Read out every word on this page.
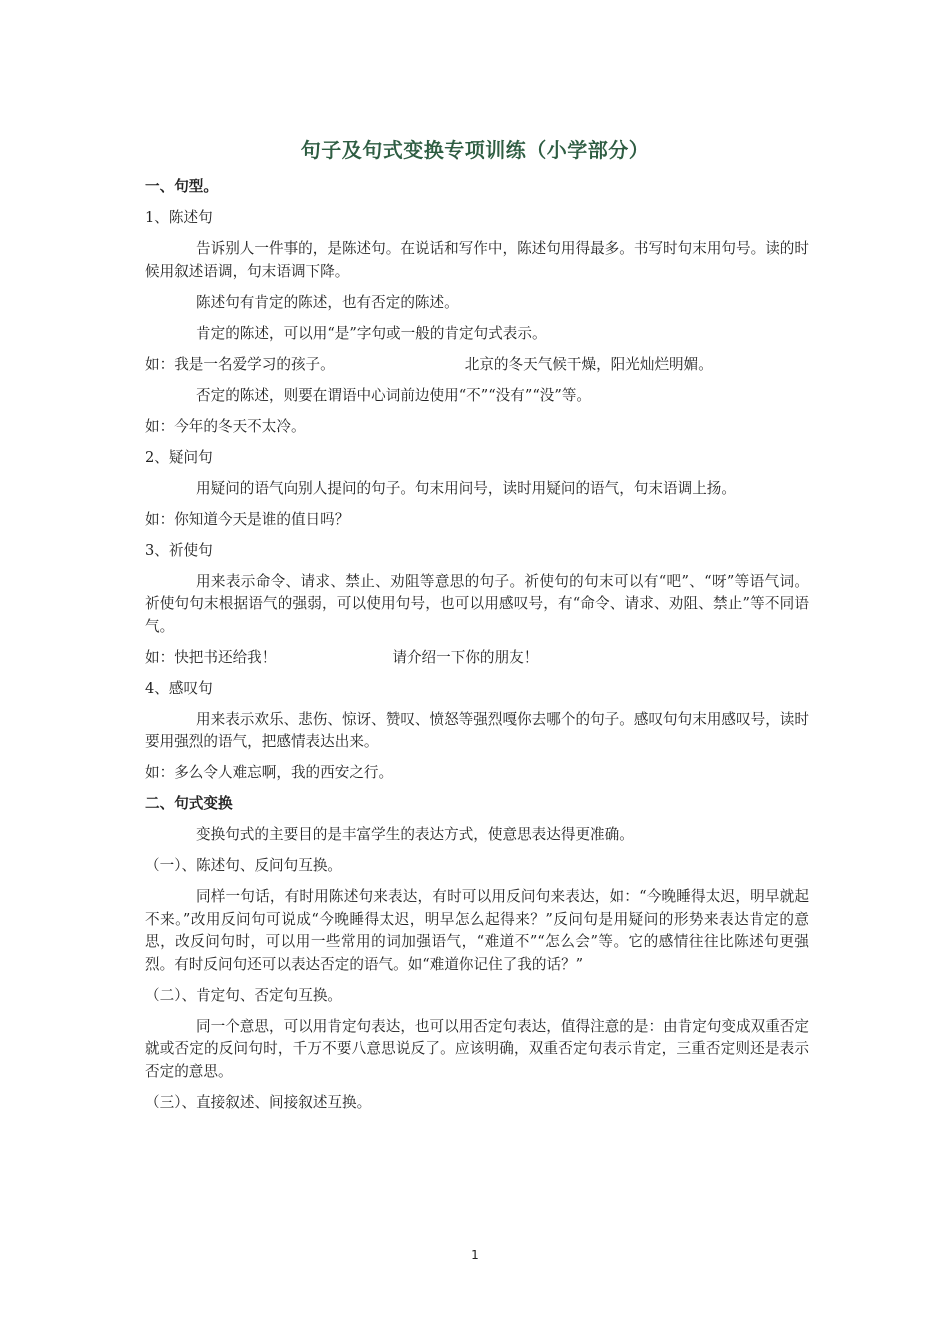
句子及句式变换专项训练（小学部分）

一、句型。

1、陈述句

告诉别人一件事的，是陈述句。在说话和写作中，陈述句用得最多。书写时句末用句号。读的时候用叙述语调，句末语调下降。

陈述句有肯定的陈述，也有否定的陈述。

肯定的陈述，可以用“是”字句或一般的肯定句式表示。

如：我是一名爱学习的孩子。	北京的冬天气候干燥，阳光灿烂明媚。

否定的陈述，则要在谓语中心词前边使用“不”“没有”“没”等。

如：今年的冬天不太冷。

2、疑问句

用疑问的语气向别人提问的句子。句末用问号，读时用疑问的语气，句末语调上扬。

如：你知道今天是谁的值日吗？

3、祈使句

用来表示命令、请求、禁止、劝阻等意思的句子。祈使句的句末可以有“吧”、“呀”等语气词。祈使句句末根据语气的强弱，可以使用句号，也可以用感叹号，有“命令、请求、劝阻、禁止”等不同语气。

如：快把书还给我！	请介绍一下你的朋友！

4、感叹句

用来表示欢乐、悲伤、惊讶、赞叹、愤怒等强烈嘎你去哪个的句子。感叹句句末用感叹号，读时要用强烈的语气，把感情表达出来。

如：多么令人难忘啊，我的西安之行。

二、句式变换

变换句式的主要目的是丰富学生的表达方式，使意思表达得更准确。

（一）、陈述句、反问句互换。

同样一句话，有时用陈述句来表达，有时可以用反问句来表达，如：“今晚睡得太迟，明早就起不来。”改用反问句可说成“今晚睡得太迟，明早怎么起得来？”反问句是用疑问的形势来表达肯定的意思，改反问句时，可以用一些常用的词加强语气，“难道不”“怎么会”等。它的感情往往比陈述句更强烈。有时反问句还可以表达否定的语气。如“难道你记住了我的话？”

（二）、肯定句、否定句互换。

同一个意思，可以用肯定句表达，也可以用否定句表达，值得注意的是：由肯定句变成双重否定就或否定的反问句时，千万不要八意思说反了。应该明确，双重否定句表示肯定，三重否定则还是表示否定的意思。

（三）、直接叙述、间接叙述互换。

1
